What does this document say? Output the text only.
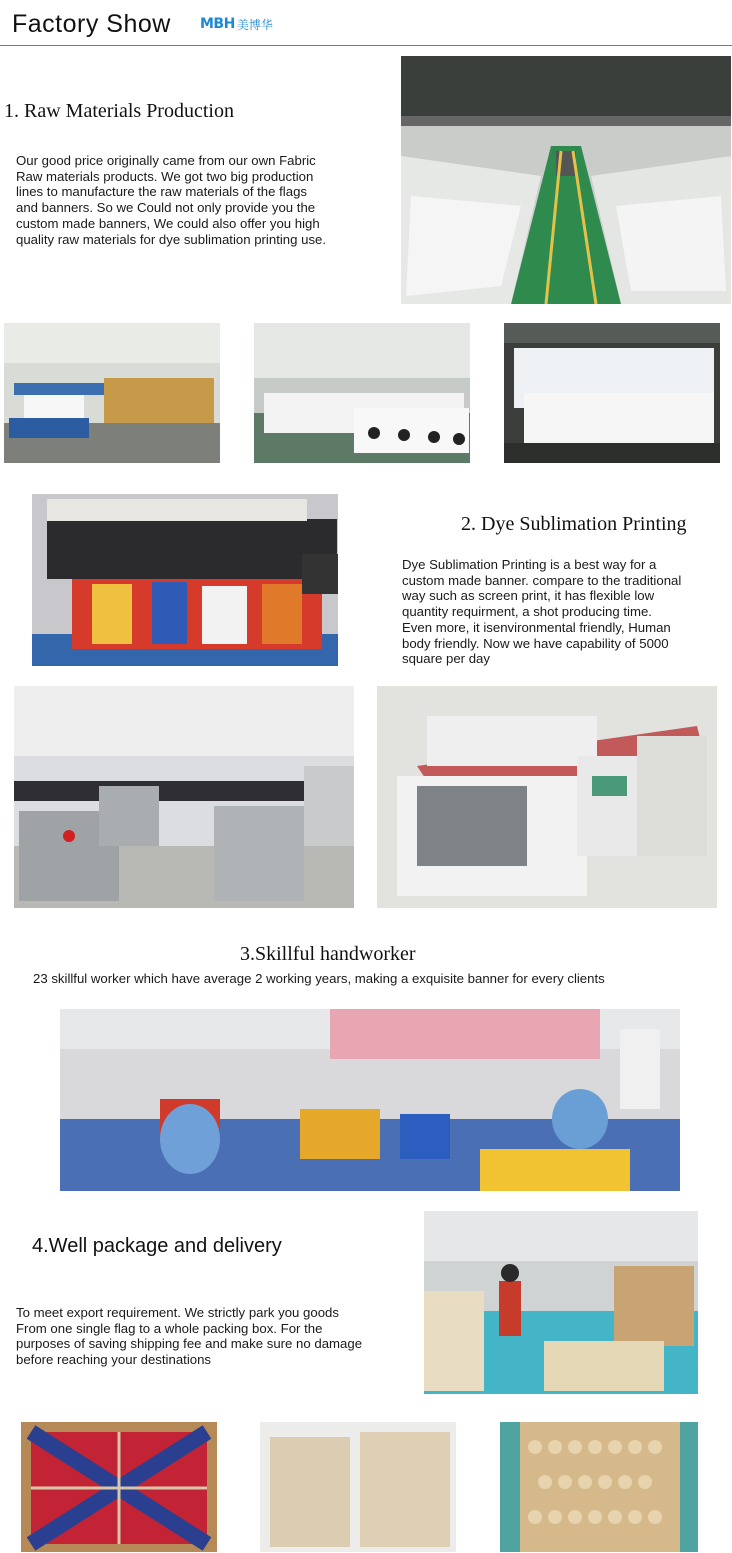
Factory Show MBH 美博华
1. Raw Materials Production
Our good price originally came from our own Fabric
Raw materials products. We got two big production
lines to manufacture the raw materials of the flags
and banners. So we Could not only provide you the
custom made banners, We could also offer you high
quality raw materials for dye sublimation printing use.
2. Dye Sublimation Printing
Dye Sublimation Printing is a best way for a
custom made banner. compare to the traditional
way such as screen print, it has flexible low
quantity requirment, a shot producing time.
Even more, it isenvironmental friendly, Human
body friendly. Now we have capability of 5000
square per day
3.Skillful handworker
23 skillful worker which have average 2 working years, making a exquisite banner for every clients
4.Well package and delivery
To meet export requirement. We strictly park you goods
From one single flag to a whole packing box. For the
purposes of saving shipping fee and make sure no damage
before reaching your destinations
